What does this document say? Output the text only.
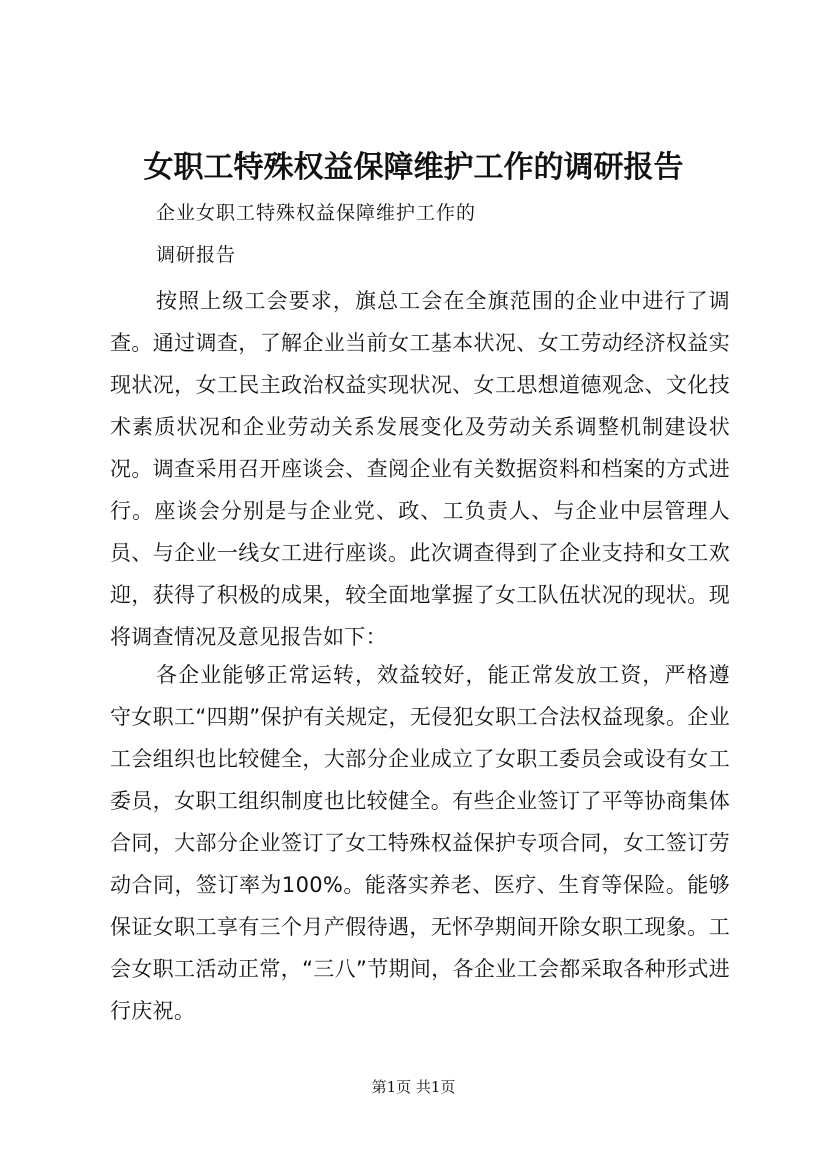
女职工特殊权益保障维护工作的调研报告

企业女职工特殊权益保障维护工作的

调研报告

按照上级工会要求，旗总工会在全旗范围的企业中进行了调查。通过调查，了解企业当前女工基本状况、女工劳动经济权益实现状况，女工民主政治权益实现状况、女工思想道德观念、文化技术素质状况和企业劳动关系发展变化及劳动关系调整机制建设状况。调查采用召开座谈会、查阅企业有关数据资料和档案的方式进行。座谈会分别是与企业党、政、工负责人、与企业中层管理人员、与企业一线女工进行座谈。此次调查得到了企业支持和女工欢迎，获得了积极的成果，较全面地掌握了女工队伍状况的现状。现将调查情况及意见报告如下：

各企业能够正常运转，效益较好，能正常发放工资，严格遵守女职工“四期”保护有关规定，无侵犯女职工合法权益现象。企业工会组织也比较健全，大部分企业成立了女职工委员会或设有女工委员，女职工组织制度也比较健全。有些企业签订了平等协商集体合同，大部分企业签订了女工特殊权益保护专项合同，女工签订劳动合同，签订率为100%。能落实养老、医疗、生育等保险。能够保证女职工享有三个月产假待遇，无怀孕期间开除女职工现象。工会女职工活动正常，“三八”节期间，各企业工会都采取各种形式进行庆祝。

第1页 共1页
